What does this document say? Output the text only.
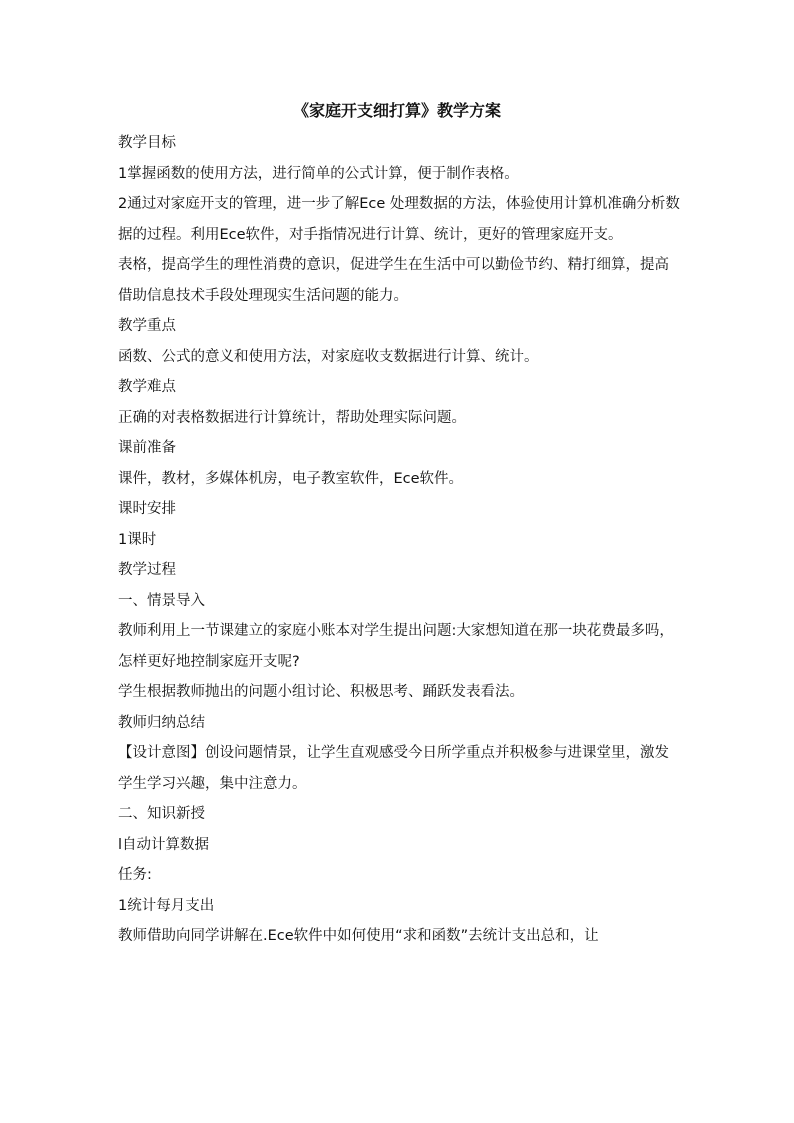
《家庭开支细打算》教学方案

教学目标

1掌握函数的使用方法，进行简单的公式计算，便于制作表格。

2通过对家庭开支的管理，进一步了解Ece 处理数据的方法，体验使用计算机准确分析数据的过程。利用Ece软件，对手指情况进行计算、统计，更好的管理家庭开支。

表格，提高学生的理性消费的意识，促进学生在生活中可以勤俭节约、精打细算，提高借助信息技术手段处理现实生活问题的能力。

教学重点

函数、公式的意义和使用方法，对家庭收支数据进行计算、统计。

教学难点

正确的对表格数据进行计算统计，帮助处理实际问题。

课前准备

课件，教材，多媒体机房，电子教室软件，Ece软件。

课时安排

1课时

教学过程

一、情景导入

教师利用上一节课建立的家庭小账本对学生提出问题:大家想知道在那一块花费最多吗，怎样更好地控制家庭开支呢?

学生根据教师抛出的问题小组讨论、积极思考、踊跃发表看法。

教师归纳总结

【设计意图】创设问题情景，让学生直观感受今日所学重点并积极参与进课堂里，激发学生学习兴趣，集中注意力。

二、知识新授

l自动计算数据

任务:

1统计每月支出

教师借助向同学讲解在.Ece软件中如何使用“求和函数”去统计支出总和，让
